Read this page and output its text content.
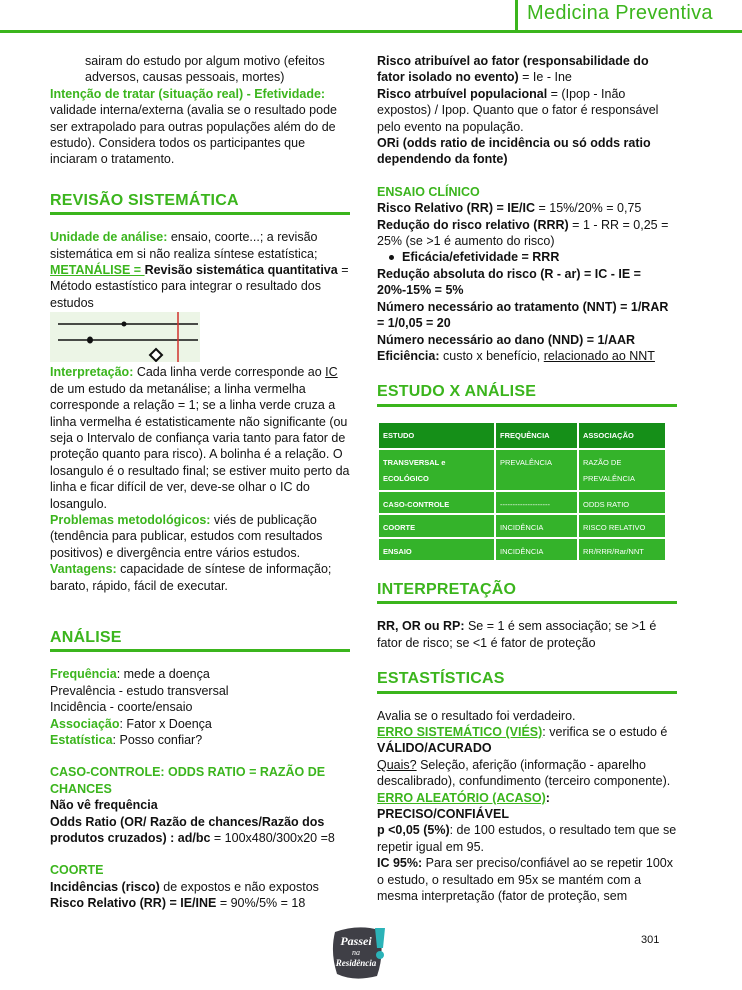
Medicina Preventiva

sairam do estudo por algum motivo (efeitos adversos, causas pessoais, mortes)

Intenção de tratar (situação real) - Efetividade:
validade interna/externa (avalia se o resultado pode ser extrapolado para outras populações além do de estudo). Considera todos os participantes que inciaram o tratamento.

REVISÃO SISTEMÁTICA

Unidade de análise: ensaio, coorte...; a revisão sistemática em si não realiza síntese estatística;

METANÁLISE = Revisão sistemática quantitativa = Método estastístico para integrar o resultado dos estudos

Interpretação: Cada linha verde corresponde ao IC de um estudo da metanálise; a linha vermelha corresponde a relação = 1; se a linha verde cruza a linha vermelha é estatisticamente não significante (ou seja o Intervalo de confiança varia tanto para fator de proteção quanto para risco). A bolinha é a relação. O losangulo é o resultado final; se estiver muito perto da linha e ficar difícil de ver, deve-se olhar o IC do losangulo.

Problemas metodológicos: viés de publicação (tendência para publicar, estudos com resultados positivos) e divergência entre vários estudos.

Vantagens: capacidade de síntese de informação; barato, rápido, fácil de executar.

ANÁLISE

Frequência: mede a doença

Prevalência - estudo transversal

Incidência - coorte/ensaio

Associação: Fator x Doença

Estatística: Posso confiar?

CASO-CONTROLE: ODDS RATIO = RAZÃO DE CHANCES

Não vê frequência

Odds Ratio (OR/ Razão de chances/Razão dos produtos cruzados) : ad/bc = 100x480/300x20 =8

COORTE

Incidências (risco) de expostos e não expostos

Risco Relativo (RR) = IE/INE = 90%/5% = 18

Risco atribuível ao fator (responsabilidade do fator isolado no evento) = Ie - Ine

Risco atrbuível populacional = (Ipop - Inão expostos) / Ipop. Quanto que o fator é responsável pelo evento na população.

ORi (odds ratio de incidência ou só odds ratio dependendo da fonte)

ENSAIO CLÍNICO

Risco Relativo (RR) = IE/IC = 15%/20% = 0,75

Redução do risco relativo (RRR) = 1 - RR = 0,25 = 25% (se >1 é aumento do risco)

Eficácia/efetividade = RRR

Redução absoluta do risco (R - ar) = IC - IE = 20%-15% = 5%

Número necessário ao tratamento (NNT) = 1/RAR = 1/0,05 = 20

Número necessário ao dano (NND) = 1/AAR

Eficiência: custo x benefício, relacionado ao NNT

ESTUDO X ANÁLISE
ESTUDO	FREQUÊNCIA	ASSOCIAÇÃO
TRANSVERSAL e ECOLÓGICO	PREVALÊNCIA	RAZÃO DE PREVALÊNCIA
CASO-CONTROLE	--------------------	ODDS RATIO
COORTE	INCIDÊNCIA	RISCO RELATIVO
ENSAIO	INCIDÊNCIA	RR/RRR/Rar/NNT
INTERPRETAÇÃO

RR, OR ou RP: Se = 1 é sem associação; se >1 é fator de risco; se <1 é fator de proteção

ESTASTÍSTICAS

Avalia se o resultado foi verdadeiro.

ERRO SISTEMÁTICO (VIÉS): verifica se o estudo é VÁLIDO/ACURADO

Quais? Seleção, aferição (informação - aparelho descalibrado), confundimento (terceiro componente).

ERRO ALEATÓRIO (ACASO): PRECISO/CONFIÁVEL

p <0,05 (5%): de 100 estudos, o resultado tem que se repetir igual em 95.

IC 95%: Para ser preciso/confiável ao se repetir 100x o estudo, o resultado em 95x se mantém com a mesma interpretação (fator de proteção, sem

Passei
na
Residência
301
